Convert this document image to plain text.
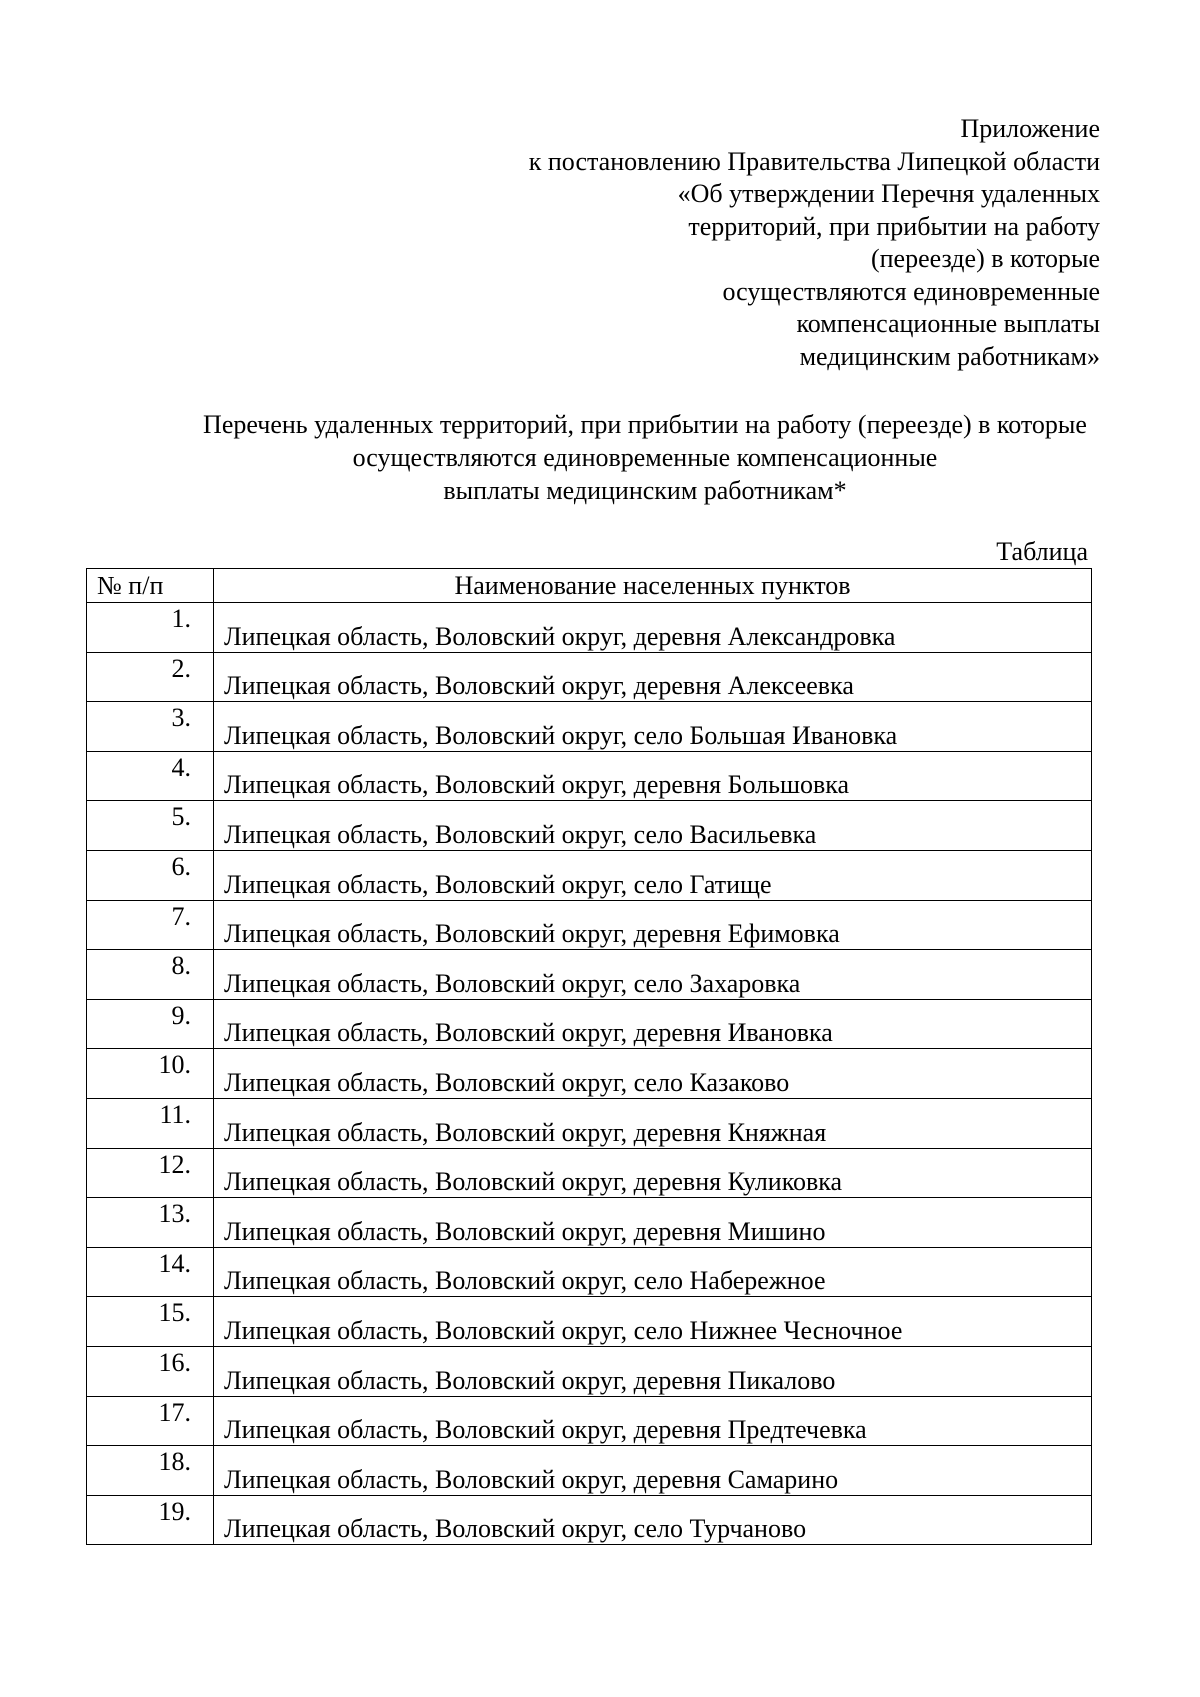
Приложение
к постановлению Правительства Липецкой области
«Об утверждении Перечня удаленных
территорий, при прибытии на работу
(переезде) в которые
осуществляются единовременные
компенсационные выплаты
медицинским работникам»
Перечень удаленных территорий, при прибытии на работу (переезде) в которые
осуществляются единовременные компенсационные
выплаты медицинским работникам*
Таблица
№ п/п	Наименование населенных пунктов
1.	Липецкая область, Воловский округ, деревня Александровка
2.	Липецкая область, Воловский округ, деревня Алексеевка
3.	Липецкая область, Воловский округ, село Большая Ивановка
4.	Липецкая область, Воловский округ, деревня Большовка
5.	Липецкая область, Воловский округ, село Васильевка
6.	Липецкая область, Воловский округ, село Гатище
7.	Липецкая область, Воловский округ, деревня Ефимовка
8.	Липецкая область, Воловский округ, село Захаровка
9.	Липецкая область, Воловский округ, деревня Ивановка
10.	Липецкая область, Воловский округ, село Казаково
11.	Липецкая область, Воловский округ, деревня Княжная
12.	Липецкая область, Воловский округ, деревня Куликовка
13.	Липецкая область, Воловский округ, деревня Мишино
14.	Липецкая область, Воловский округ, село Набережное
15.	Липецкая область, Воловский округ, село Нижнее Чесночное
16.	Липецкая область, Воловский округ, деревня Пикалово
17.	Липецкая область, Воловский округ, деревня Предтечевка
18.	Липецкая область, Воловский округ, деревня Самарино
19.	Липецкая область, Воловский округ, село Турчаново
